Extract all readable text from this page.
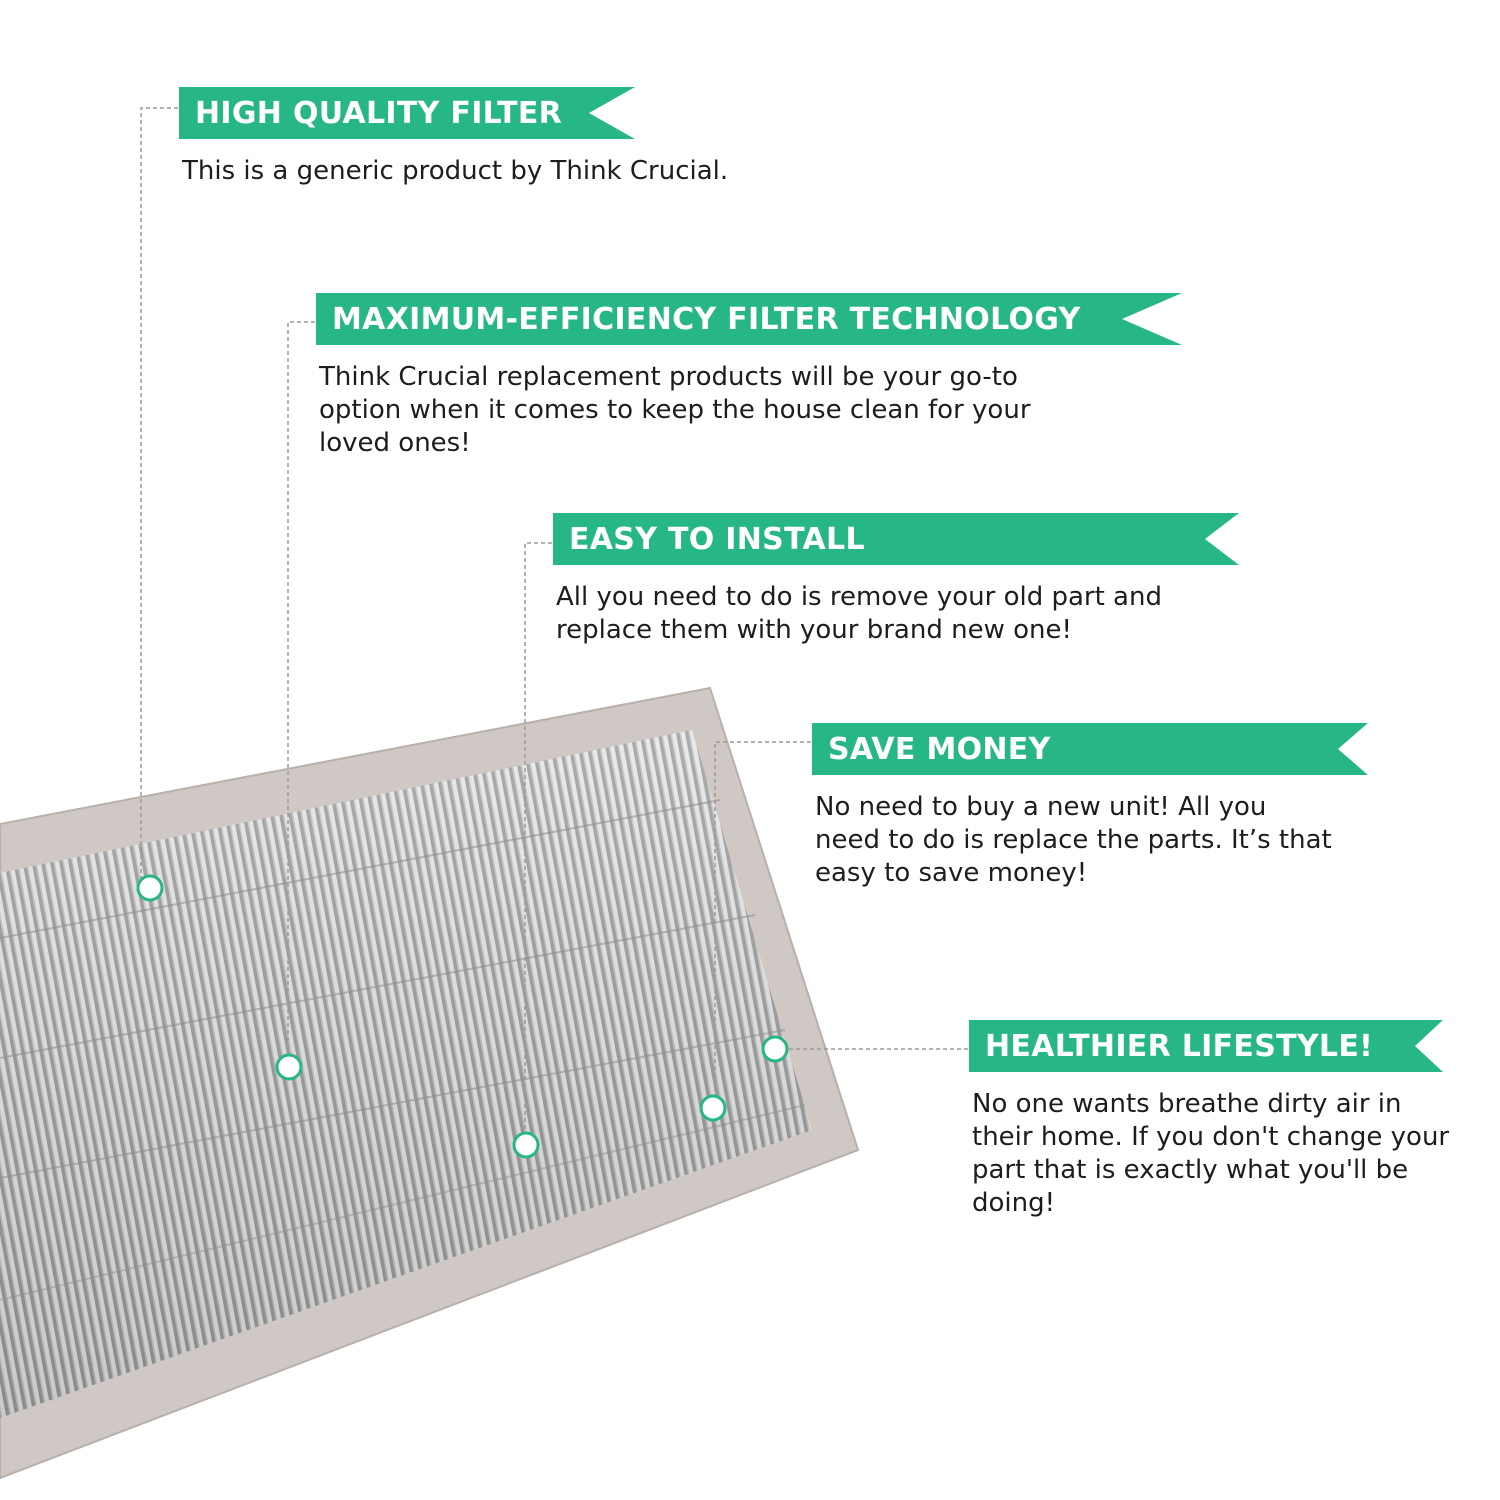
HIGH QUALITY FILTER
This is a generic product by Think Crucial.
MAXIMUM-EFFICIENCY FILTER TECHNOLOGY
Think Crucial replacement products will be your go-to
option when it comes to keep the house clean for your
loved ones!
EASY TO INSTALL
All you need to do is remove your old part and
replace them with your brand new one!
SAVE MONEY
No need to buy a new unit! All you
need to do is replace the parts. It’s that
easy to save money!
HEALTHIER LIFESTYLE!
No one wants breathe dirty air in
their home. If you don't change your
part that is exactly what you'll be
doing!
